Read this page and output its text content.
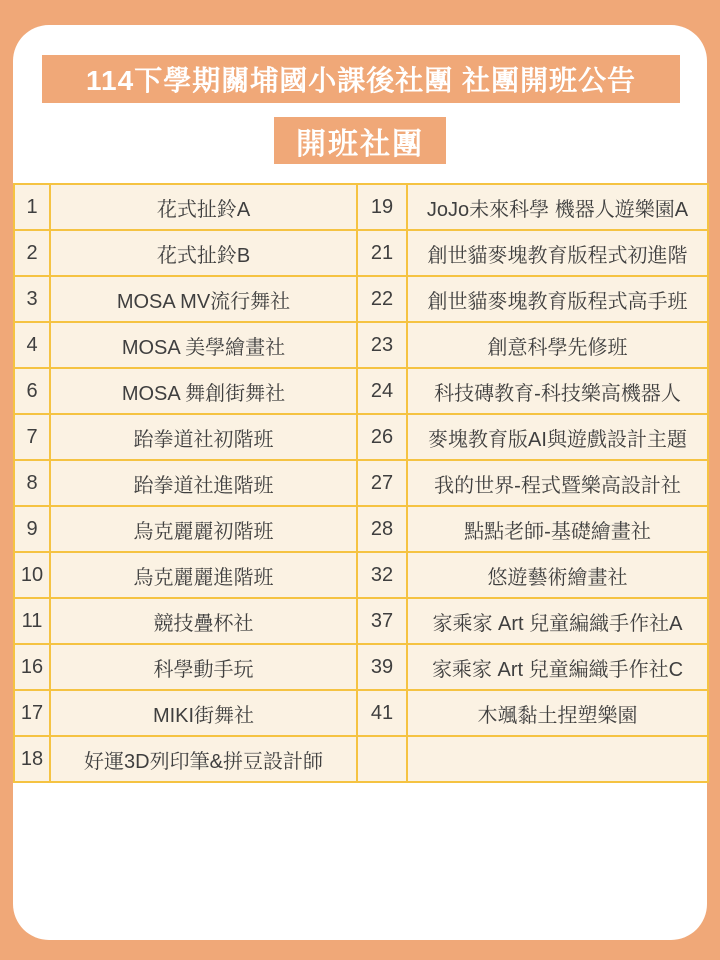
114下學期關埔國小課後社團 社團開班公告
開班社團
1	花式扯鈴A	19	JoJo未來科學 機器人遊樂園A
2	花式扯鈴B	21	創世貓麥塊教育版程式初進階
3	MOSA MV流行舞社	22	創世貓麥塊教育版程式高手班
4	MOSA 美學繪畫社	23	創意科學先修班
6	MOSA 舞創街舞社	24	科技磚教育-科技樂高機器人
7	跆拳道社初階班	26	麥塊教育版AI與遊戲設計主題
8	跆拳道社進階班	27	我的世界-程式暨樂高設計社
9	烏克麗麗初階班	28	點點老師-基礎繪畫社
10	烏克麗麗進階班	32	悠遊藝術繪畫社
11	競技疊杯社	37	家乘家 Art 兒童編織手作社A
16	科學動手玩	39	家乘家 Art 兒童編織手作社C
17	MIKI街舞社	41	木颯黏土捏塑樂園
18	好運3D列印筆&拼豆設計師		
